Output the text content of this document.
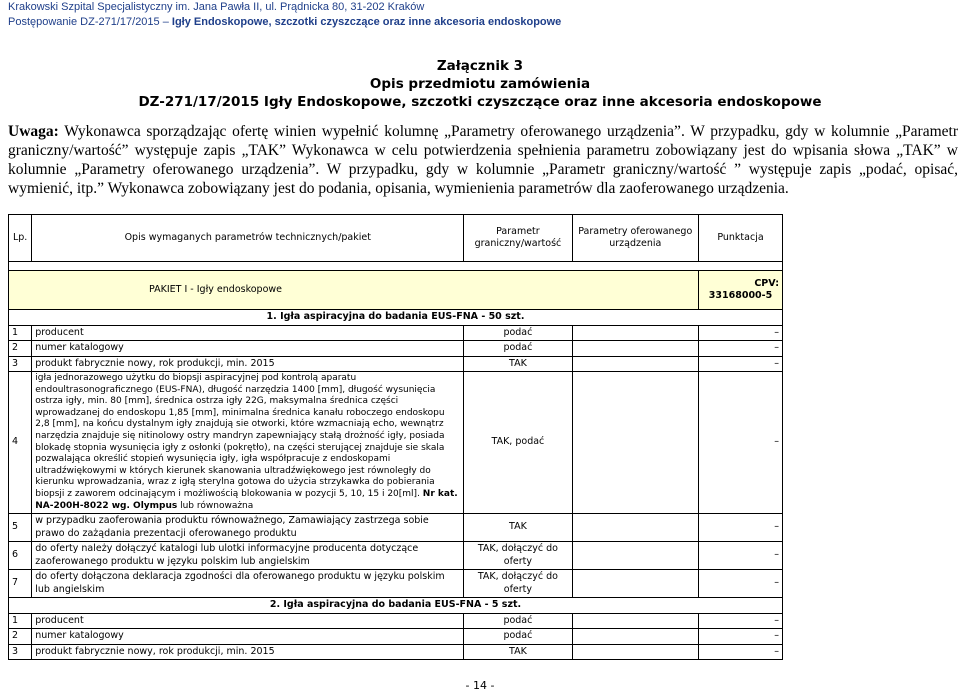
Krakowski Szpital Specjalistyczny im. Jana Pawła II, ul. Prądnicka 80, 31-202 Kraków
Postępowanie DZ-271/17/2015 – Igły Endoskopowe, szczotki czyszczące oraz inne akcesoria endoskopowe
Załącznik 3
Opis przedmiotu zamówienia
DZ-271/17/2015 Igły Endoskopowe, szczotki czyszczące oraz inne akcesoria endoskopowe
Uwaga: Wykonawca sporządzając ofertę winien wypełnić kolumnę „Parametry oferowanego urządzenia”. W przypadku, gdy w kolumnie „Parametr graniczny/wartość” występuje zapis „TAK” Wykonawca w celu potwierdzenia spełnienia parametru zobowiązany jest do wpisania słowa „TAK” w kolumnie „Parametry oferowanego urządzenia”. W przypadku, gdy w kolumnie „Parametr graniczny/wartość ” występuje zapis „podać, opisać, wymienić, itp.” Wykonawca zobowiązany jest do podania, opisania, wymienienia parametrów dla zaoferowanego urządzenia.
Lp.	Opis wymaganych parametrów technicznych/pakiet	Parametr graniczny/wartość	Parametry oferowanego urządzenia	Punktacja

PAKIET I - Igły endoskopowe				CPV:
33168000-5

1. Igła aspiracyjna do badania EUS-FNA - 50 szt.				
1	producent	podać		–
2	numer katalogowy	podać		–
3	produkt fabrycznie nowy, rok produkcji, min. 2015	TAK		–
4	igła jednorazowego użytku do biopsji aspiracyjnej pod kontrolą aparatu endoultrasonograficznego (EUS-FNA), długość narzędzia 1400 [mm], długość wysunięcia ostrza igły, min. 80 [mm], średnica ostrza igły 22G, maksymalna średnica części wprowadzanej do endoskopu 1,85 [mm], minimalna średnica kanału roboczego endoskopu 2,8 [mm], na końcu dystalnym igły znajdują sie otworki, które wzmacniają echo, wewnątrz narzędzia znajduje się nitinolowy ostry mandryn zapewniający stałą drożność igły, posiada blokadę stopnia wysunięcia igły z osłonki (pokrętło), na części sterującej znajduje sie skala pozwalająca określić stopień wysunięcia igły, igła współpracuje z endoskopami ultradźwiękowymi w których kierunek skanowania ultradźwiękowego jest równoległy do kierunku wprowadzania, wraz z igłą sterylna gotowa do użycia strzykawka do pobierania biopsji z zaworem odcinającym i możliwością blokowania w pozycji 5, 10, 15 i 20[ml]. Nr kat. NA-200H-8022 wg. Olympus lub równoważna	TAK, podać		–
5	w przypadku zaoferowania produktu równoważnego, Zamawiający zastrzega sobie prawo do zażądania prezentacji oferowanego produktu	TAK		–
6	do oferty należy dołączyć katalogi lub ulotki informacyjne producenta dotyczące zaoferowanego produktu w języku polskim lub angielskim	TAK, dołączyć do oferty		–
7	do oferty dołączona deklaracja zgodności dla oferowanego produktu w języku polskim lub angielskim	TAK, dołączyć do oferty		–
2. Igła aspiracyjna do badania EUS-FNA - 5 szt.				
1	producent	podać		–
2	numer katalogowy	podać		–
3	produkt fabrycznie nowy, rok produkcji, min. 2015	TAK		–
- 14 -
